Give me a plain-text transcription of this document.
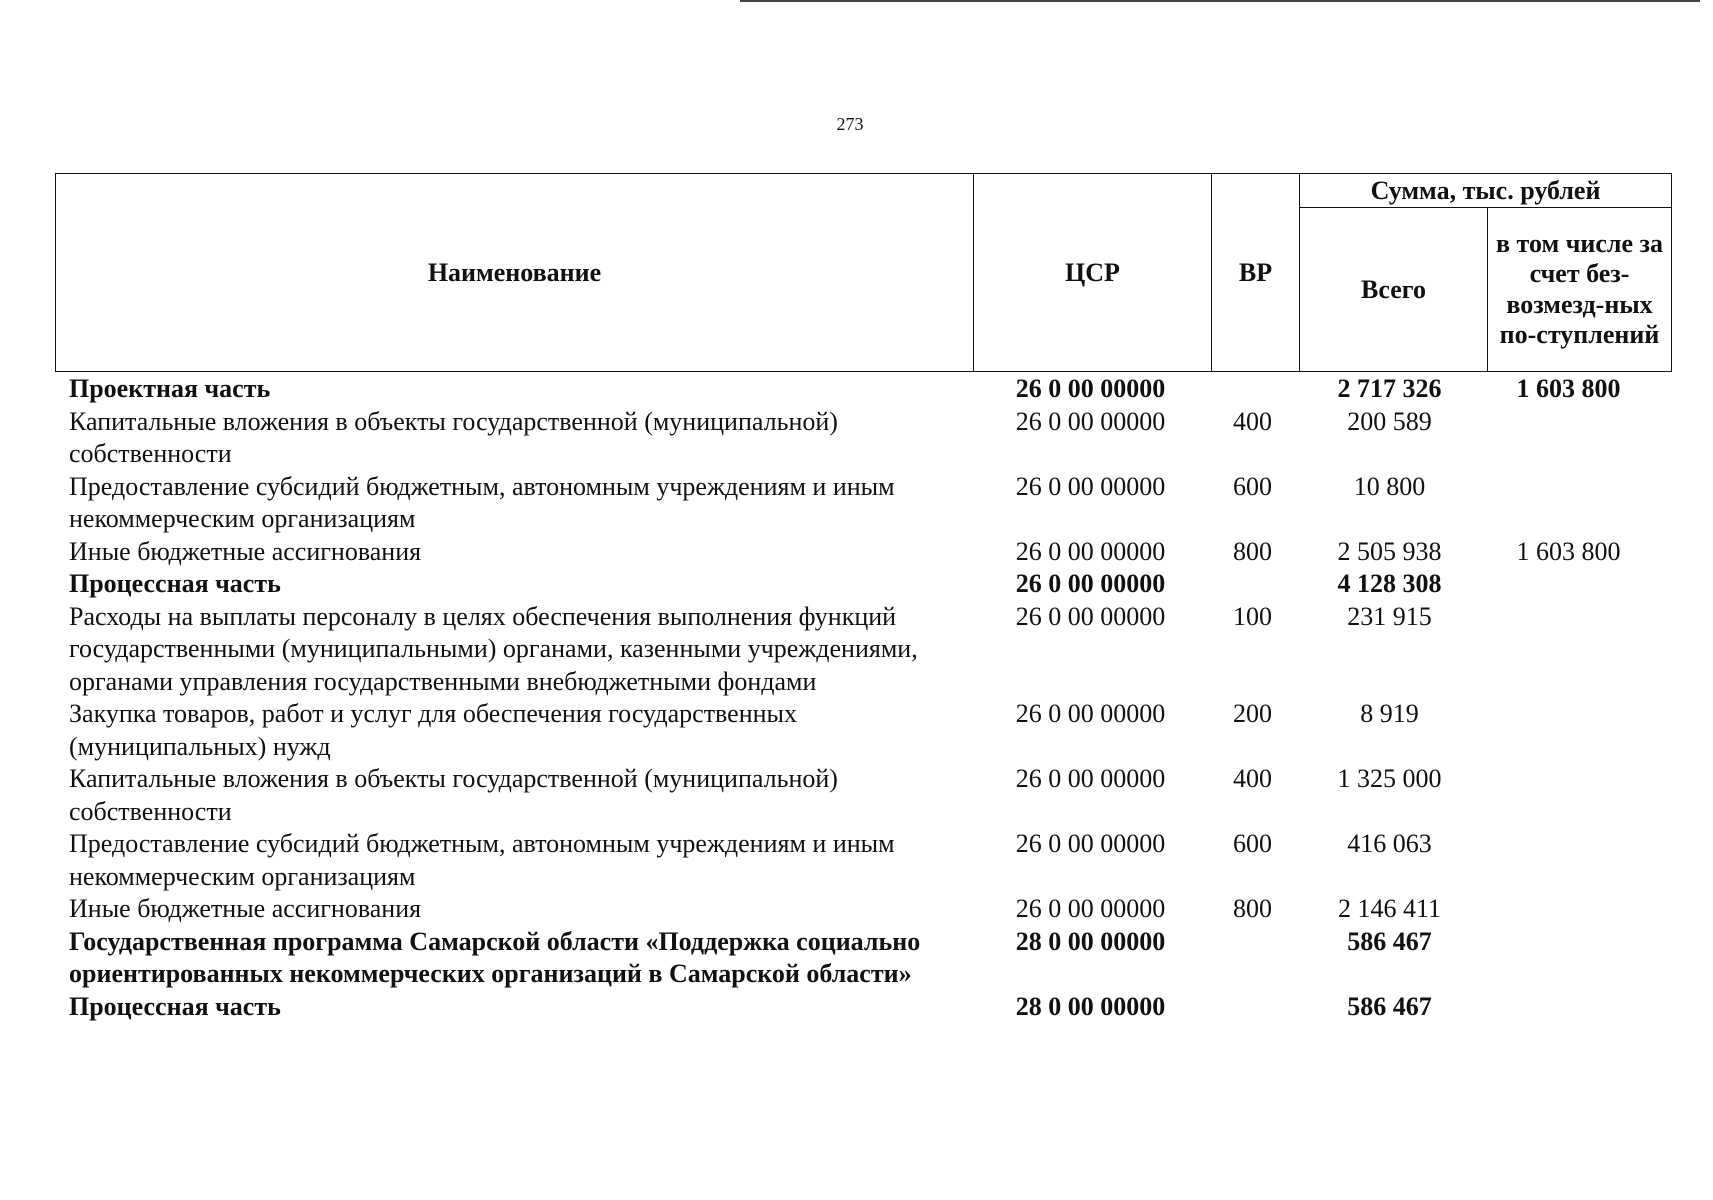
273
Наименование	ЦСР	ВР	Сумма, тыс. рублей	
			Всего	в том числе за счет без-возмезд-ных по-ступлений
Проектная часть	26 0 00 00000		2 717 326	1 603 800
Капитальные вложения в объекты государственной (муниципальной) собственности	26 0 00 00000	400	200 589	
Предоставление субсидий бюджетным, автономным учреждениям и иным некоммерческим организациям	26 0 00 00000	600	10 800	
Иные бюджетные ассигнования	26 0 00 00000	800	2 505 938	1 603 800
Процессная часть	26 0 00 00000		4 128 308	
Расходы на выплаты персоналу в целях обеспечения выполнения функций государственными (муниципальными) органами, казенными учреждениями, органами управления государственными внебюджетными фондами	26 0 00 00000	100	231 915	
Закупка товаров, работ и услуг для обеспечения государственных (муниципальных) нужд	26 0 00 00000	200	8 919	
Капитальные вложения в объекты государственной (муниципальной) собственности	26 0 00 00000	400	1 325 000	
Предоставление субсидий бюджетным, автономным учреждениям и иным некоммерческим организациям	26 0 00 00000	600	416 063	
Иные бюджетные ассигнования	26 0 00 00000	800	2 146 411	
Государственная программа Самарской области «Поддержка социально ориентированных некоммерческих организаций в Самарской области»	28 0 00 00000		586 467	
Процессная часть	28 0 00 00000		586 467	
